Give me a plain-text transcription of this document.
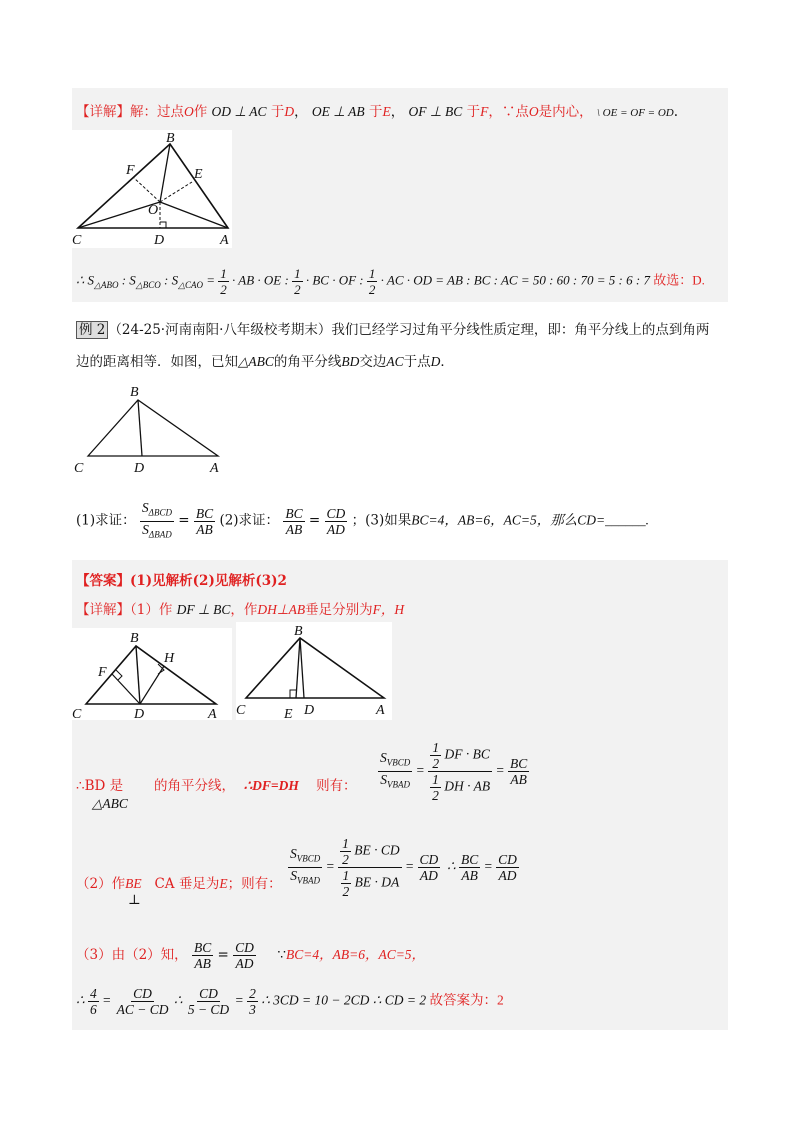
【详解】解：过点O作 OD ⊥ AC 于D， OE ⊥ AB 于E， OF ⊥ BC 于F，∵点O是内心， \ OE = OF = OD.
B
F	E
O
C	D	A
∴ $S_{\triangle ABO}$ : $S_{\triangle BCO}$ : $S_{\triangle CAO} = \frac{1}{2}$ · AB · OE : $\frac{1}{2}$ · BC · OF : $\frac{1}{2}$ · AC · OD = AB : BC : AC = 50 : 60 : 70 = 5 : 6 : 7 故选：D.
例 2 （24-25·河南南阳·八年级校考期末）我们已经学习过角平分线性质定理，即：角平分线上的点到角两
边的距离相等．如图，已知△ABC的角平分线BD交边AC于点D．
B
C	D	A
(1)求证： $\frac{S_{\Delta BCD}}{S_{\Delta BAD}} = \frac{BC}{AB} (2)$求证： $\frac{BC}{AB} = \frac{CD}{AD}$ ；(3)如果BC=4，AB=6，AC=5，那么CD=______.
【答案】(1)见解析(2)见解析(3)2
【详解】（1）作 DF ⊥ BC，作DH⊥AB垂足分别为F，H
B
F
H
C	D	A
B
C	E D	A
∴BD 是
△ABC
的角平分线， ∴DF=DH 则有： $\frac{S_{VBCD}}{S_{VBAD}} = \frac{\frac{1}{2} DF \cdot BC}{\frac{1}{2} DH \cdot AB} = \frac{BC}{AB}$
（2）作BE CA 垂足为E；则有：
⊥
$\frac{S_{VBCD}}{S_{VBAD}} = \frac{\frac{1}{2} BE \cdot CD}{\frac{1}{2} BE \cdot DA} = \frac{CD}{AD}$ ∴ $\frac{BC}{AB} = \frac{CD}{AD}$
（3）由（2）知， $\frac{BC}{AB} = \frac{CD}{AD}$ ∵BC=4，AB=6，AC=5，
∴ $\frac{4}{6} = \frac{CD}{AC - CD}$ ∴ $\frac{CD}{5 - CD} = \frac{2}{3}$ ∴ 3CD = 10 − 2CD ∴ CD = 2 故答案为：2
